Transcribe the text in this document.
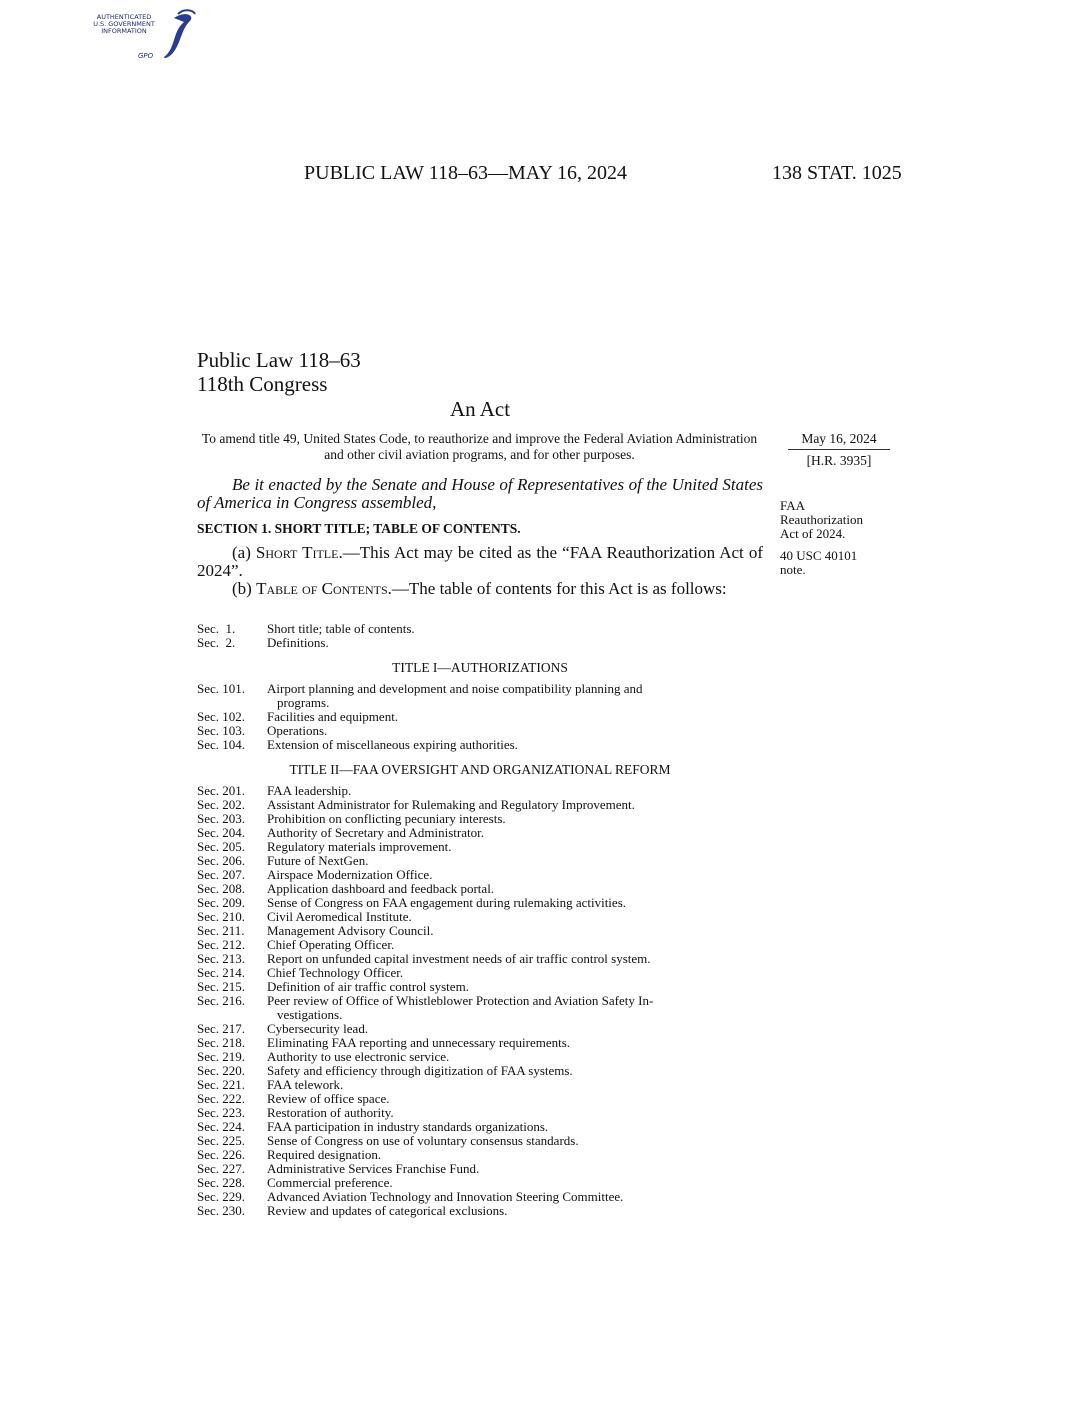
AUTHENTICATED
U.S. GOVERNMENT
INFORMATION
GPO
PUBLIC LAW 118–63—MAY 16, 2024	138 STAT. 1025
Public Law 118–63
118th Congress
An Act
To amend title 49, United States Code, to reauthorize and improve the Federal Aviation Administration and other civil aviation programs, and for other purposes.
May 16, 2024
[H.R. 3935]
FAA
Reauthorization
Act of 2024.
40 USC 40101
note.
Be it enacted by the Senate and House of Representatives of the United States of America in Congress assembled,
SECTION 1. SHORT TITLE; TABLE OF CONTENTS.
(a) Short Title.—This Act may be cited as the “FAA Reauthorization Act of 2024”.
(b) Table of Contents.—The table of contents for this Act is as follows:
Sec.  1.	Short title; table of contents.
Sec.  2.	Definitions.
TITLE I—AUTHORIZATIONS
Sec. 101.	Airport planning and development and noise compatibility planning and
programs.
Sec. 102.	Facilities and equipment.
Sec. 103.	Operations.
Sec. 104.	Extension of miscellaneous expiring authorities.
TITLE II—FAA OVERSIGHT AND ORGANIZATIONAL REFORM
Sec. 201.	FAA leadership.
Sec. 202.	Assistant Administrator for Rulemaking and Regulatory Improvement.
Sec. 203.	Prohibition on conflicting pecuniary interests.
Sec. 204.	Authority of Secretary and Administrator.
Sec. 205.	Regulatory materials improvement.
Sec. 206.	Future of NextGen.
Sec. 207.	Airspace Modernization Office.
Sec. 208.	Application dashboard and feedback portal.
Sec. 209.	Sense of Congress on FAA engagement during rulemaking activities.
Sec. 210.	Civil Aeromedical Institute.
Sec. 211.	Management Advisory Council.
Sec. 212.	Chief Operating Officer.
Sec. 213.	Report on unfunded capital investment needs of air traffic control system.
Sec. 214.	Chief Technology Officer.
Sec. 215.	Definition of air traffic control system.
Sec. 216.	Peer review of Office of Whistleblower Protection and Aviation Safety In-
vestigations.
Sec. 217.	Cybersecurity lead.
Sec. 218.	Eliminating FAA reporting and unnecessary requirements.
Sec. 219.	Authority to use electronic service.
Sec. 220.	Safety and efficiency through digitization of FAA systems.
Sec. 221.	FAA telework.
Sec. 222.	Review of office space.
Sec. 223.	Restoration of authority.
Sec. 224.	FAA participation in industry standards organizations.
Sec. 225.	Sense of Congress on use of voluntary consensus standards.
Sec. 226.	Required designation.
Sec. 227.	Administrative Services Franchise Fund.
Sec. 228.	Commercial preference.
Sec. 229.	Advanced Aviation Technology and Innovation Steering Committee.
Sec. 230.	Review and updates of categorical exclusions.
